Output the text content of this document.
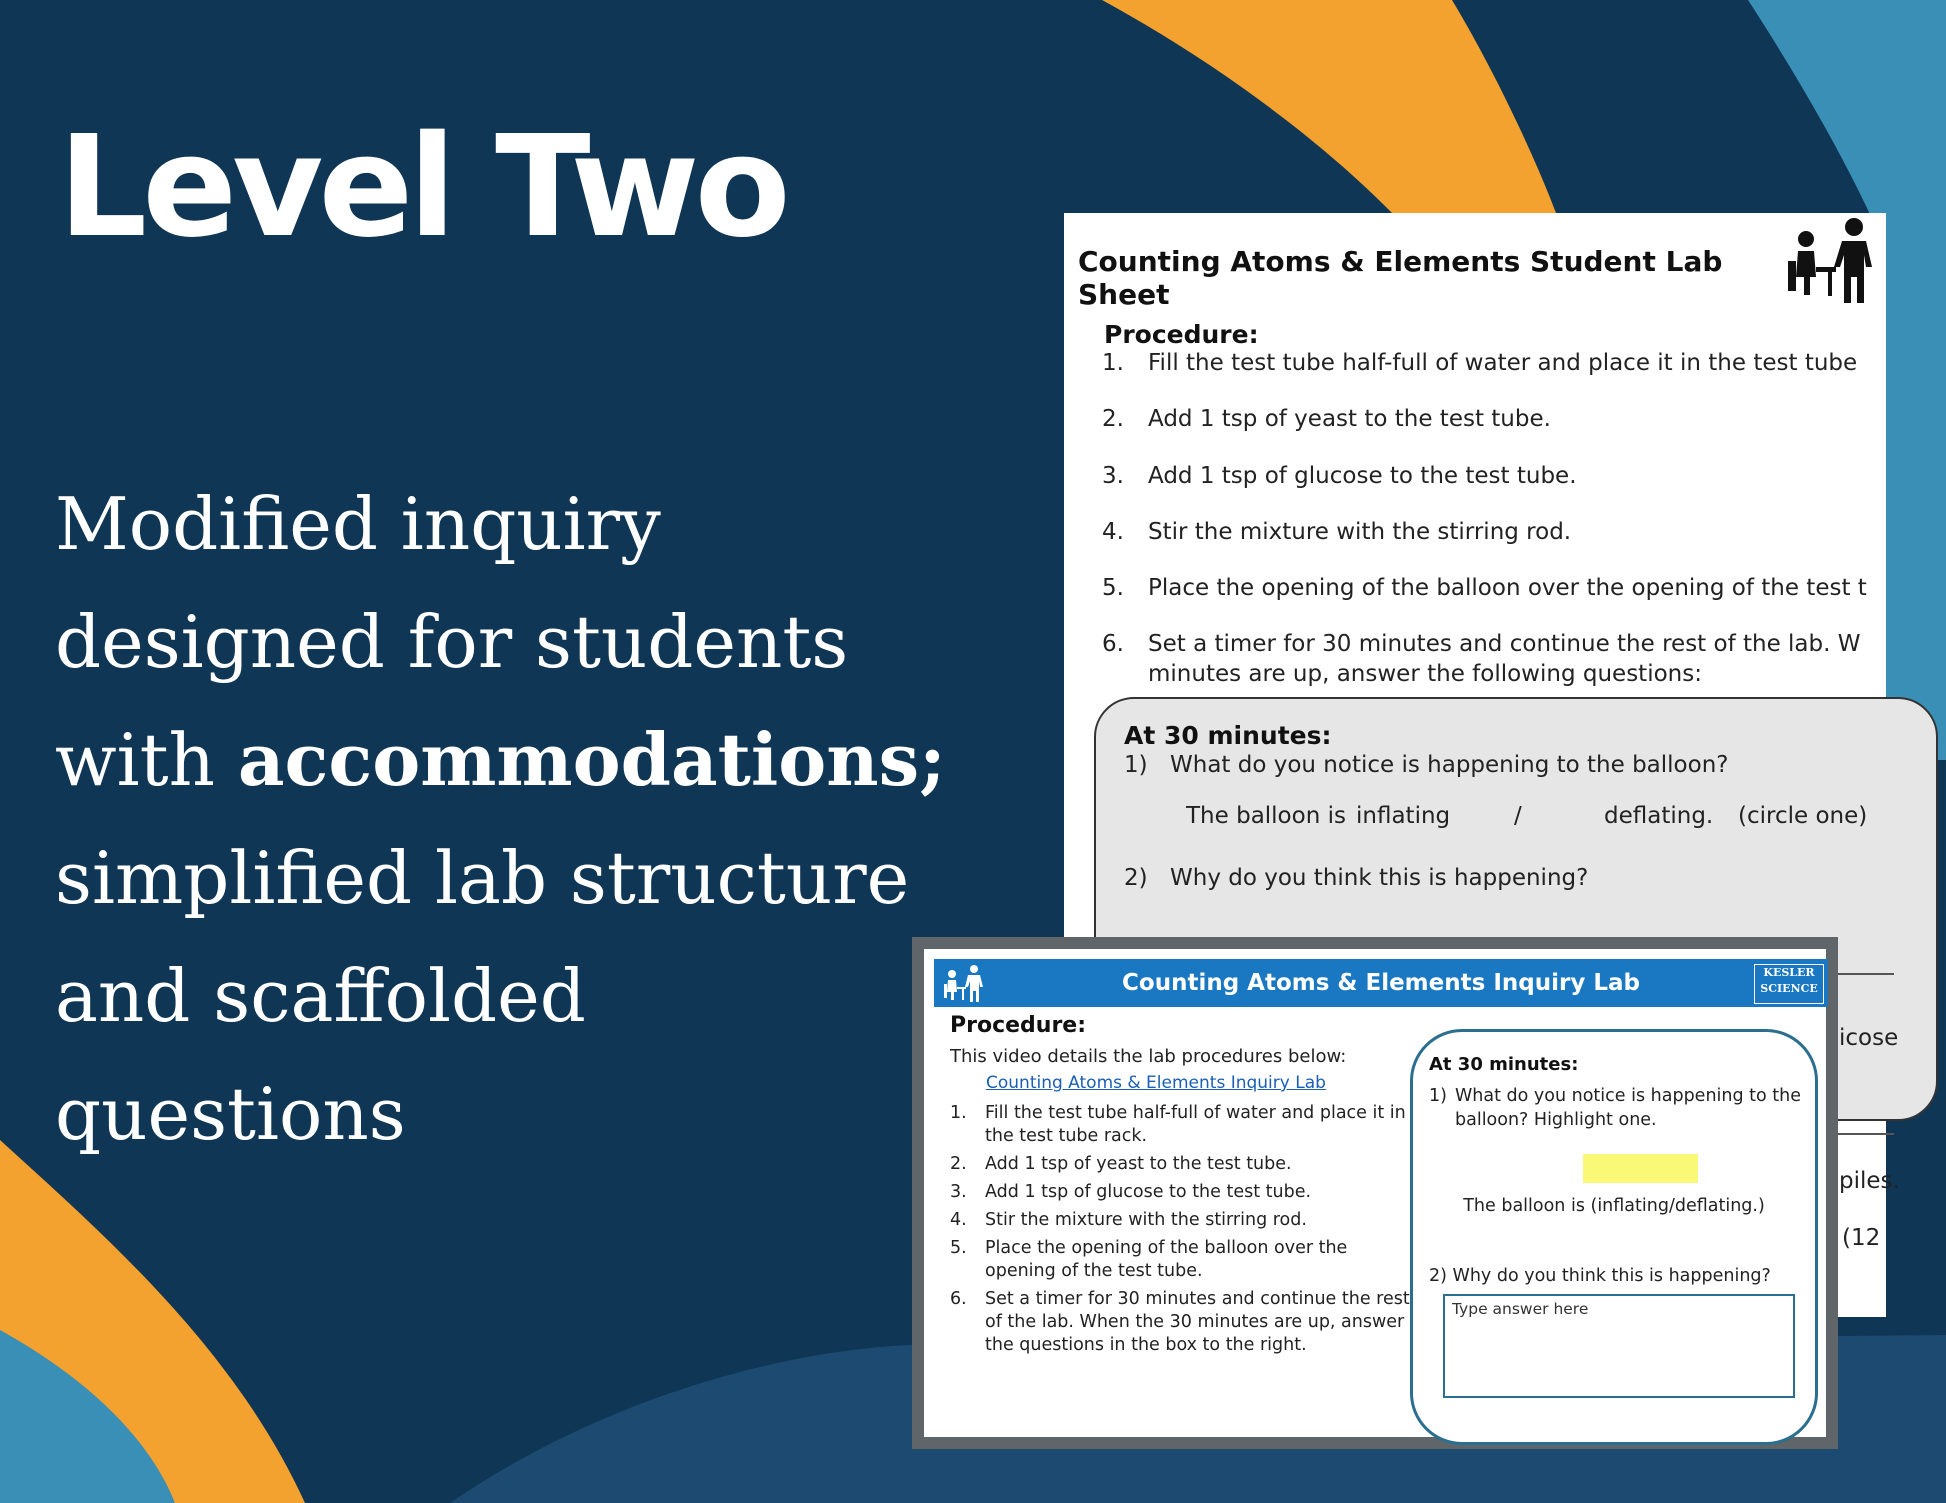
Level Two

Modified inquiry
designed for students
with accommodations;
simplified lab structure
and scaffolded
questions

Counting Atoms & Elements Student Lab Sheet
Procedure:
1. Fill the test tube half-full of water and place it in the test tube
2. Add 1 tsp of yeast to the test tube.
3. Add 1 tsp of glucose to the test tube.
4. Stir the mixture with the stirring rod.
5. Place the opening of the balloon over the opening of the test t
6. Set a timer for 30 minutes and continue the rest of the lab. W
minutes are up, answer the following questions:
At 30 minutes:
1) What do you notice is happening to the balloon?
The balloon is inflating	/	deflating. (circle one)
2) Why do you think this is happening?
icose
piles.
(12
Counting Atoms & Elements Inquiry Lab	KESLER
SCIENCE
Procedure:
This video details the lab procedures below:
Counting Atoms & Elements Inquiry Lab
1. Fill the test tube half-full of water and place it in the test tube rack.
2. Add 1 tsp of yeast to the test tube.
3. Add 1 tsp of glucose to the test tube.
4. Stir the mixture with the stirring rod.
5. Place the opening of the balloon over the opening of the test tube.
6. Set a timer for 30 minutes and continue the rest of the lab. When the 30 minutes are up, answer the questions in the box to the right.
At 30 minutes:
1) What do you notice is happening to the balloon? Highlight one.
The balloon is (inflating/deflating.)
2) Why do you think this is happening?
Type answer here
